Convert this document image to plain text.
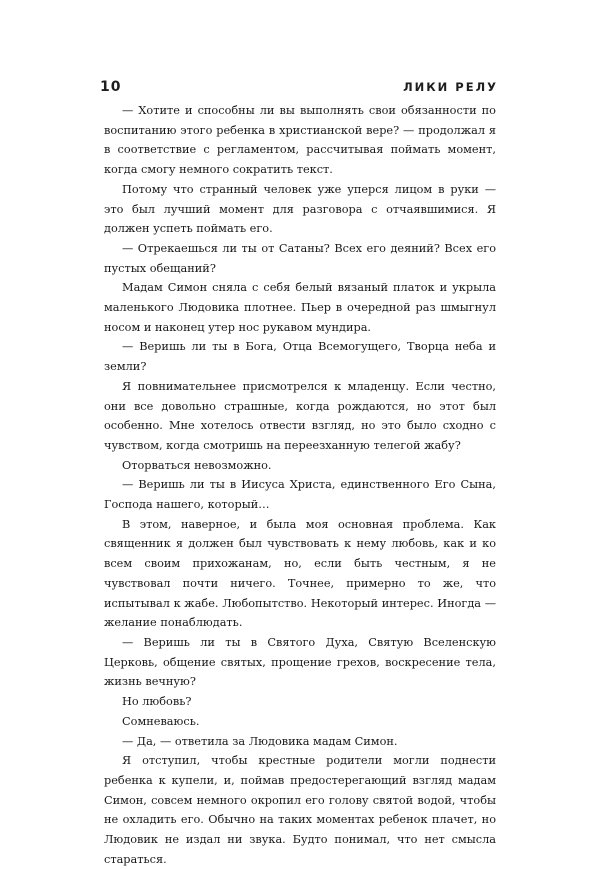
10	ЛИКИ РЕЛУ

— Хотите и способны ли вы выполнять свои обязанности по воспитанию этого ребенка в христианской вере? — продолжал я в соответствие с регламентом, рассчитывая поймать момент, когда смогу немного сократить текст.

Потому что странный человек уже уперся лицом в руки — это был лучший момент для разговора с отчаявшимися. Я должен успеть поймать его.

— Отрекаешься ли ты от Сатаны? Всех его деяний? Всех его пустых обещаний?

Мадам Симон сняла с себя белый вязаный платок и укрыла маленького Людовика плотнее. Пьер в очередной раз шмыгнул носом и наконец утер нос рукавом мундира.

— Веришь ли ты в Бога, Отца Всемогущего, Творца неба и земли?

Я повнимательнее присмотрелся к младенцу. Если честно, они все довольно страшные, когда рождаются, но этот был особенно. Мне хотелось отвести взгляд, но это было сходно с чувством, когда смотришь на переезханную телегой жабу?

Оторваться невозможно.

— Веришь ли ты в Иисуса Христа, единственного Его Сына, Господа нашего, который…

В этом, наверное, и была моя основная проблема. Как священник я должен был чувствовать к нему любовь, как и ко всем своим прихожанам, но, если быть честным, я не чувствовал почти ничего. Точнее, примерно то же, что испытывал к жабе. Любопытство. Некоторый интерес. Иногда — желание понаблюдать.

— Веришь ли ты в Святого Духа, Святую Вселенскую Церковь, общение святых, прощение грехов, воскресение тела, жизнь вечную?

Но любовь?

Сомневаюсь.

— Да, — ответила за Людовика мадам Симон.

Я отступил, чтобы крестные родители могли поднести ребенка к купели, и, поймав предостерегающий взгляд мадам Симон, совсем немного окропил его голову святой водой, чтобы не охладить его. Обычно на таких моментах ребенок плачет, но Людовик не издал ни звука. Будто понимал, что нет смысла стараться.
